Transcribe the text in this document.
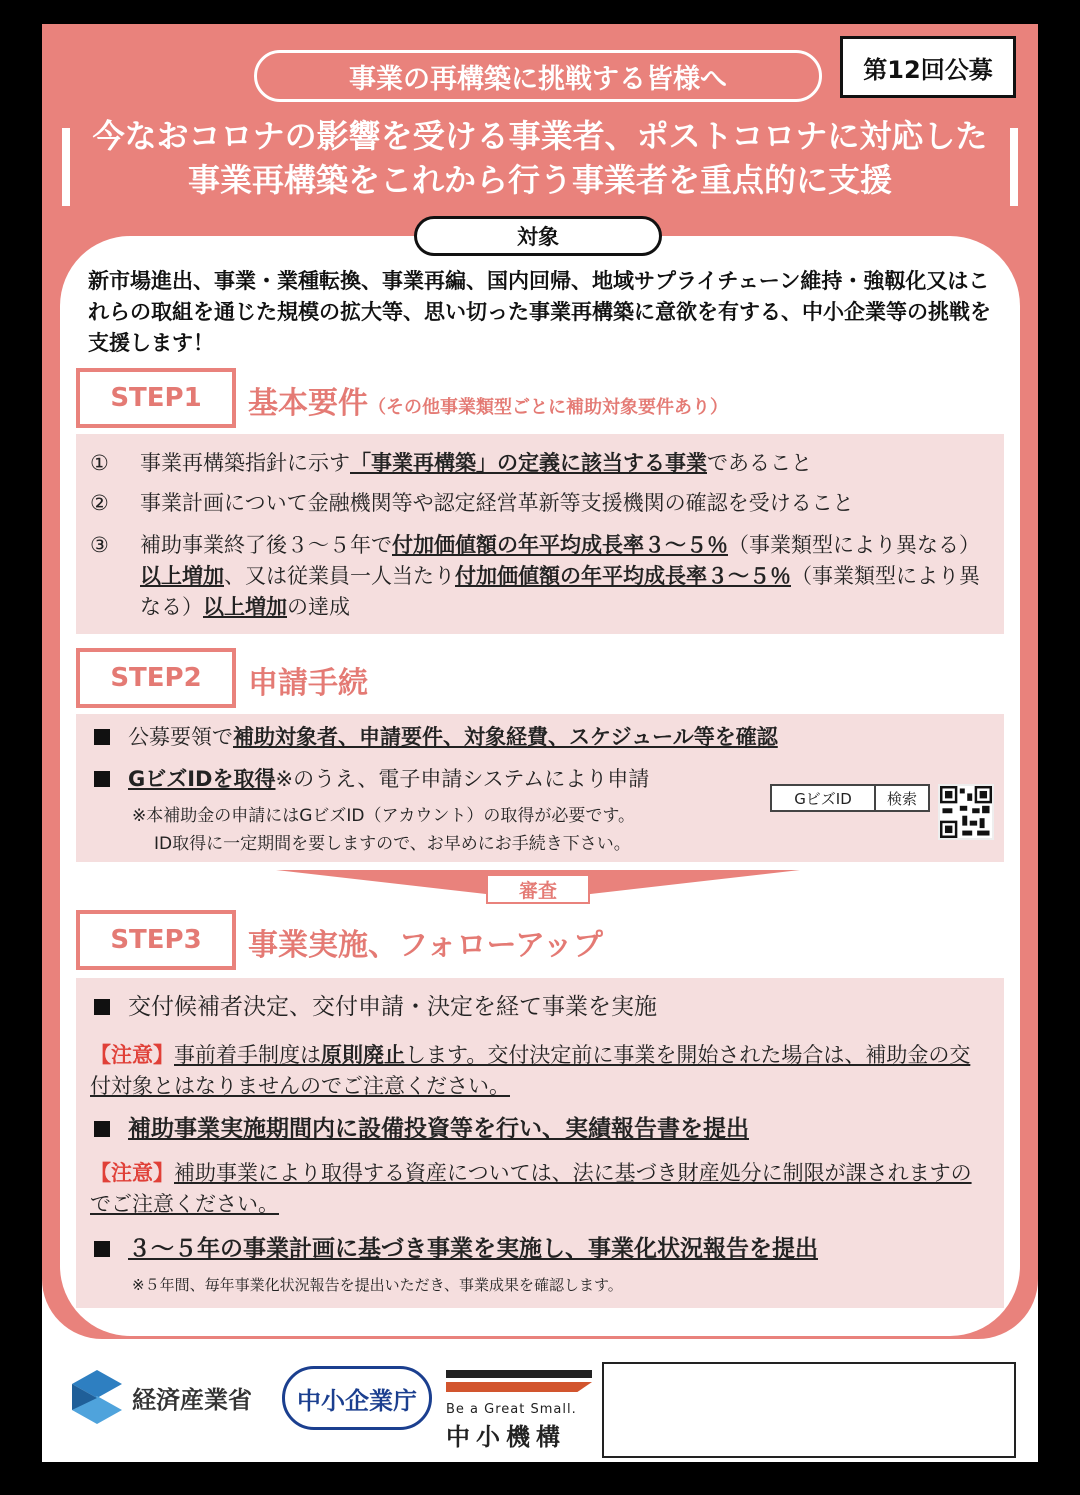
事業の再構築に挑戦する皆様へ	第12回公募
今なおコロナの影響を受ける事業者、ポストコロナに対応した
事業再構築をこれから行う事業者を重点的に支援
対象
新市場進出、事業・業種転換、事業再編、国内回帰、地域サプライチェーン維持・強靱化又はこれらの取組を通じた規模の拡大等、思い切った事業再構築に意欲を有する、中小企業等の挑戦を支援します！
STEP1	基本要件（その他事業類型ごとに補助対象要件あり）
①	事業再構築指針に示す「事業再構築」の定義に該当する事業であること
②	事業計画について金融機関等や認定経営革新等支援機関の確認を受けること
③	補助事業終了後３～５年で付加価値額の年平均成長率３～５％（事業類型により異なる）以上増加、又は従業員一人当たり付加価値額の年平均成長率３～５％（事業類型により異なる）以上増加の達成
STEP2	申請手続
公募要領で補助対象者、申請要件、対象経費、スケジュール等を確認
GビズIDを取得※のうえ、電子申請システムにより申請
※本補助金の申請にはGビズID（アカウント）の取得が必要です。
ID取得に一定期間を要しますので、お早めにお手続き下さい。
GビズID	検索
審査
STEP3	事業実施、フォローアップ
交付候補者決定、交付申請・決定を経て事業を実施
【注意】事前着手制度は原則廃止します。交付決定前に事業を開始された場合は、補助金の交付対象とはなりませんのでご注意ください。
補助事業実施期間内に設備投資等を行い、実績報告書を提出
【注意】補助事業により取得する資産については、法に基づき財産処分に制限が課されますのでご注意ください。
３～５年の事業計画に基づき事業を実施し、事業化状況報告を提出
※５年間、毎年事業化状況報告を提出いただき、事業成果を確認します。
経済産業省 中小企業庁 Be a Great Small.
中小機構
